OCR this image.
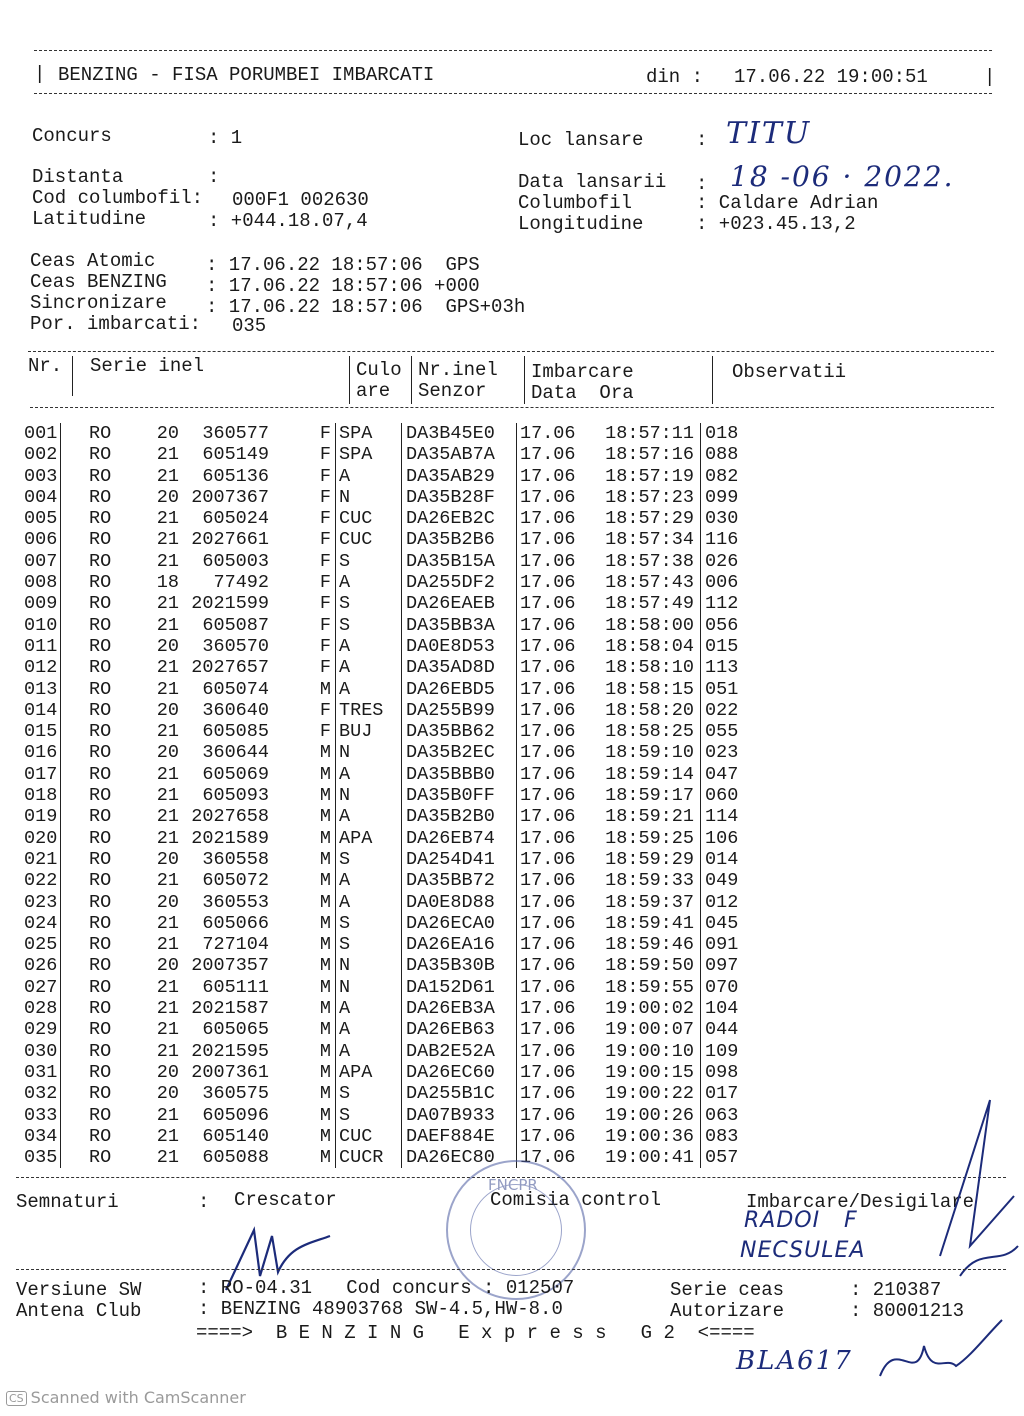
| BENZING - FISA PORUMBEI IMBARCATI	din : 17.06.22 19:00:51	|
Concurs	: 1	Loc lansare	: TITU
Distanta	:
Cod columbofil: 000F1 002630
Latitudine	: +044.18.07,4
Data lansarii : 18 -06 · 2022.
Columbofil	: Caldare Adrian
Longitudine	: +023.45.13,2
Ceas Atomic	: 17.06.22 18:57:06  GPS
Ceas BENZING : 17.06.22 18:57:06 +000
Sincronizare : 17.06.22 18:57:06  GPS+03h
Por. imbarcati: 035
Nr. Serie inel	Culo
are
Nr.inel
Senzor
Imbarcare
Data  Ora
Observatii
001		RO	20	360577	F	SPA	DA3B45E0	17.06	18:57:11	018
002		RO	21	605149	F	SPA	DA35AB7A	17.06	18:57:16	088
003		RO	21	605136	F	A	DA35AB29	17.06	18:57:19	082
004		RO	20	2007367	F	N	DA35B28F	17.06	18:57:23	099
005		RO	21	605024	F	CUC	DA26EB2C	17.06	18:57:29	030
006		RO	21	2027661	F	CUC	DA35B2B6	17.06	18:57:34	116
007		RO	21	605003	F	S	DA35B15A	17.06	18:57:38	026
008		RO	18	77492	F	A	DA255DF2	17.06	18:57:43	006
009		RO	21	2021599	F	S	DA26EAEB	17.06	18:57:49	112
010		RO	21	605087	F	S	DA35BB3A	17.06	18:58:00	056
011		RO	20	360570	F	A	DA0E8D53	17.06	18:58:04	015
012		RO	21	2027657	F	A	DA35AD8D	17.06	18:58:10	113
013		RO	21	605074	M	A	DA26EBD5	17.06	18:58:15	051
014		RO	20	360640	F	TRES	DA255B99	17.06	18:58:20	022
015		RO	21	605085	F	BUJ	DA35BB62	17.06	18:58:25	055
016		RO	20	360644	M	N	DA35B2EC	17.06	18:59:10	023
017		RO	21	605069	M	A	DA35BBB0	17.06	18:59:14	047
018		RO	21	605093	M	N	DA35B0FF	17.06	18:59:17	060
019		RO	21	2027658	M	A	DA35B2B0	17.06	18:59:21	114
020		RO	21	2021589	M	APA	DA26EB74	17.06	18:59:25	106
021		RO	20	360558	M	S	DA254D41	17.06	18:59:29	014
022		RO	21	605072	M	A	DA35BB72	17.06	18:59:33	049
023		RO	20	360553	M	A	DA0E8D88	17.06	18:59:37	012
024		RO	21	605066	M	S	DA26ECA0	17.06	18:59:41	045
025		RO	21	727104	M	S	DA26EA16	17.06	18:59:46	091
026		RO	20	2007357	M	N	DA35B30B	17.06	18:59:50	097
027		RO	21	605111	M	N	DA152D61	17.06	18:59:55	070
028		RO	21	2021587	M	A	DA26EB3A	17.06	19:00:02	104
029		RO	21	605065	M	A	DA26EB63	17.06	19:00:07	044
030		RO	21	2021595	M	A	DAB2E52A	17.06	19:00:10	109
031		RO	20	2007361	M	APA	DA26EC60	17.06	19:00:15	098
032		RO	20	360575	M	S	DA255B1C	17.06	19:00:22	017
033		RO	21	605096	M	S	DA07B933	17.06	19:00:26	063
034		RO	21	605140	M	CUC	DAEF884E	17.06	19:00:36	083
035		RO	21	605088	M	CUCR	DA26EC80	17.06	19:00:41	057
Semnaturi	: Crescator	Comisia control	Imbarcare/Desigilare
FNCPR
RADOI   F
NECSULEA
Versiune SW	: RO-04.31   Cod concurs : 012507	Serie ceas	: 210387
Antena Club	: BENZING 48903768 SW-4.5,HW-8.0	Autorizare	: 80001213
====>  B E N Z I N G   E x p r e s s   G 2  <====
BLA617
CS Scanned with CamScanner
